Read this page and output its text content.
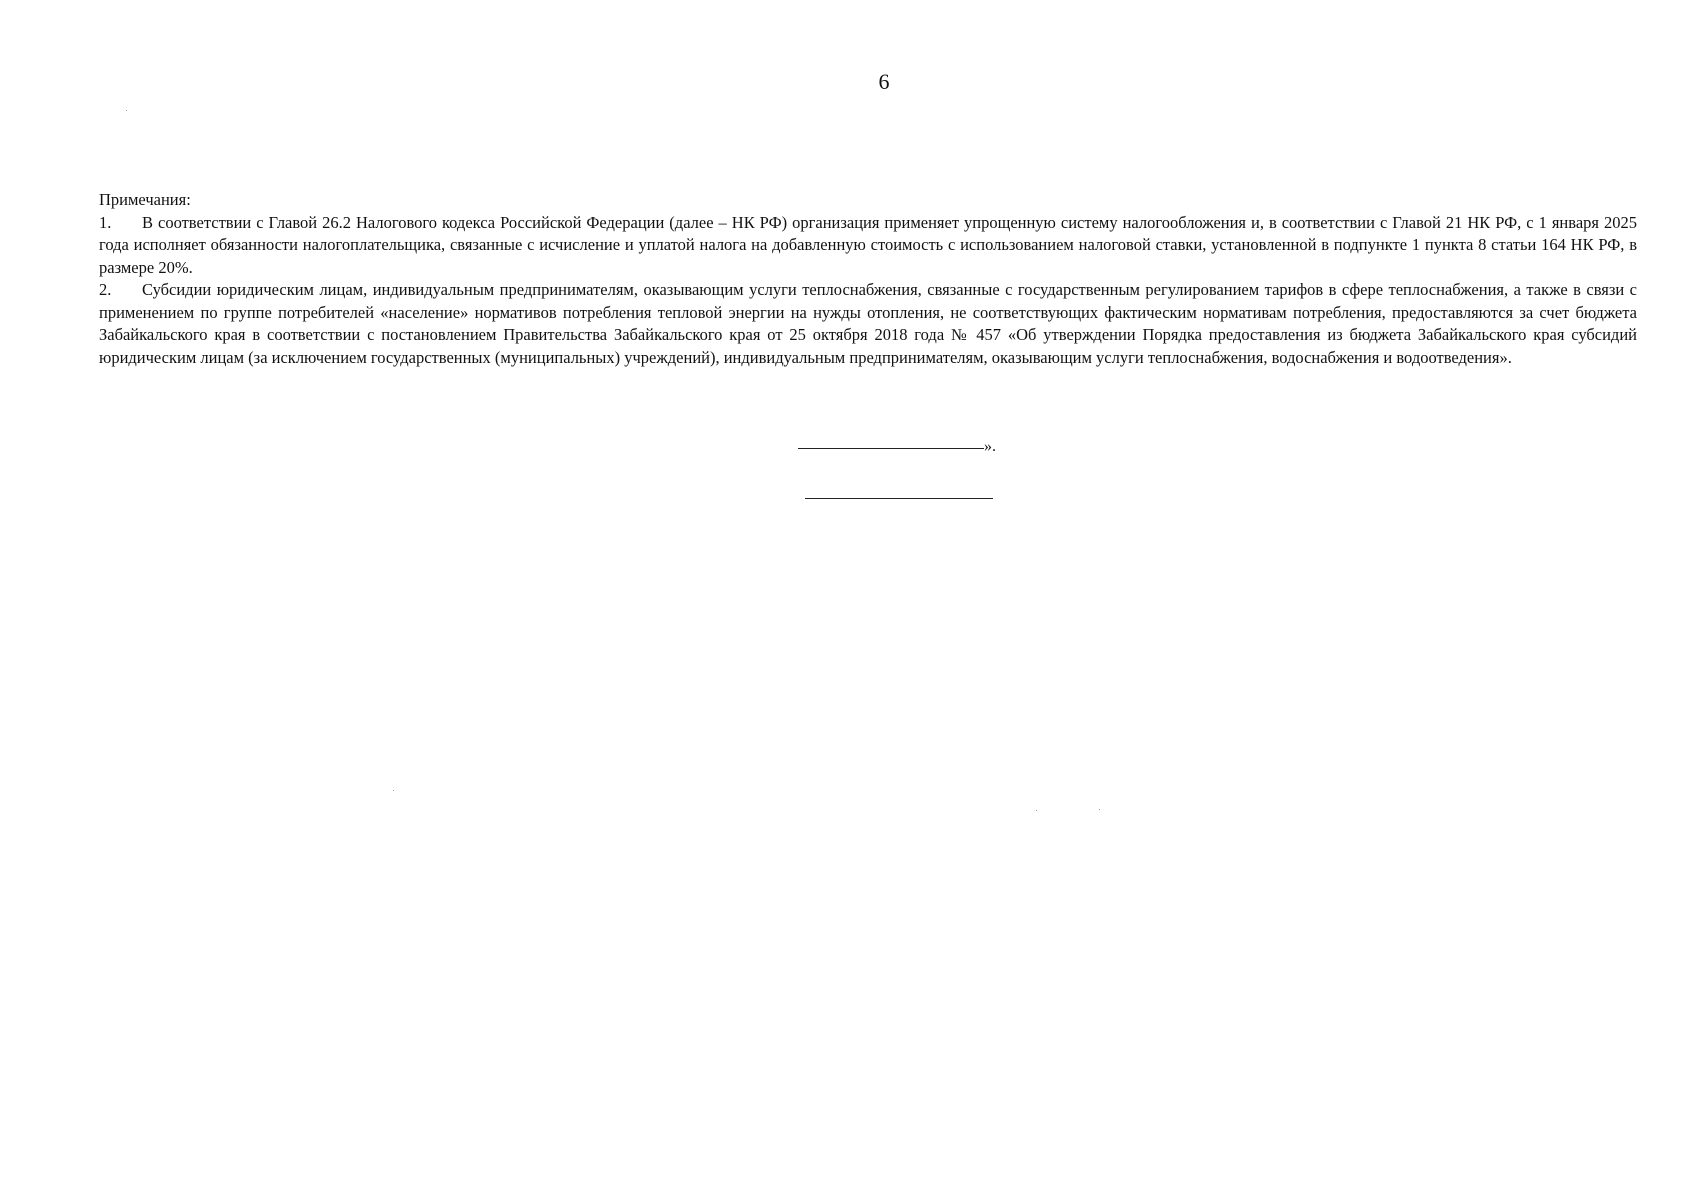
6

Примечания:

1. В соответствии с Главой 26.2 Налогового кодекса Российской Федерации (далее – НК РФ) организация применяет упрощенную систему налогообложения и, в соответствии с Главой 21 НК РФ, с 1 января 2025 года исполняет обязанности налогоплательщика, связанные с исчисление и уплатой налога на добавленную стоимость с использованием налоговой ставки, установленной в подпункте 1 пункта 8 статьи 164 НК РФ, в размере 20%.

2. Субсидии юридическим лицам, индивидуальным предпринимателям, оказывающим услуги теплоснабжения, связанные с государственным регулированием тарифов в сфере теплоснабжения, а также в связи с применением по группе потребителей «население» нормативов потребления тепловой энергии на нужды отопления, не соответствующих фактическим нормативам потребления, предоставляются за счет бюджета Забайкальского края в соответствии с постановлением Правительства Забайкальского края от 25 октября 2018 года № 457 «Об утверждении Порядка предоставления из бюджета Забайкальского края субсидий юридическим лицам (за исключением государственных (муниципальных) учреждений), индивидуальным предпринимателям, оказывающим услуги теплоснабжения, водоснабжения и водоотведения».

».
